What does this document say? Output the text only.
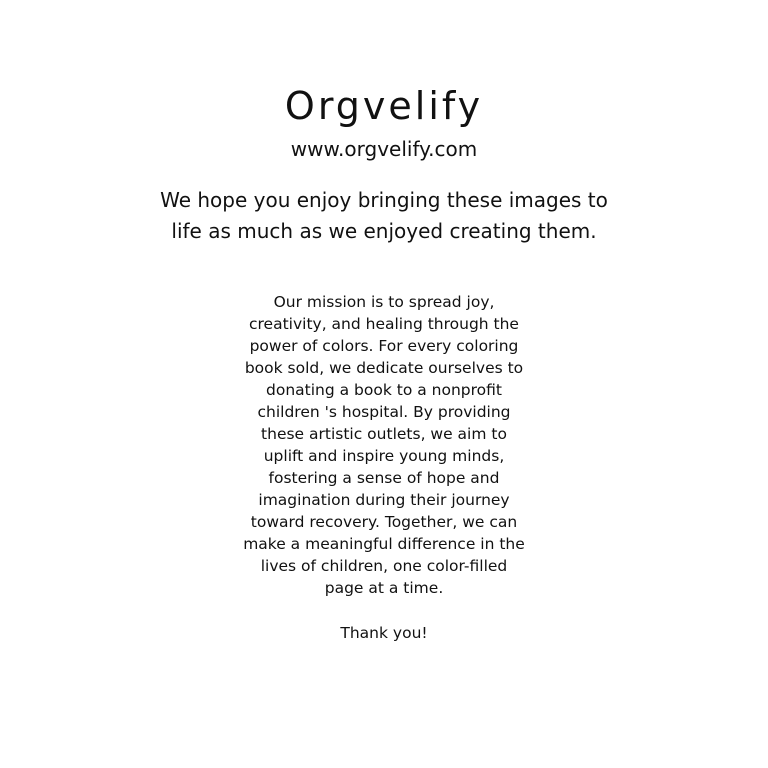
Orgvelify
www.orgvelify.com
We hope you enjoy bringing these images to
life as much as we enjoyed creating them.
Our mission is to spread joy,
creativity, and healing through the
power of colors. For every coloring
book sold, we dedicate ourselves to
donating a book to a nonprofit
children 's hospital. By providing
these artistic outlets, we aim to
uplift and inspire young minds,
fostering a sense of hope and
imagination during their journey
toward recovery. Together, we can
make a meaningful difference in the
lives of children, one color-filled
page at a time.
Thank you!
